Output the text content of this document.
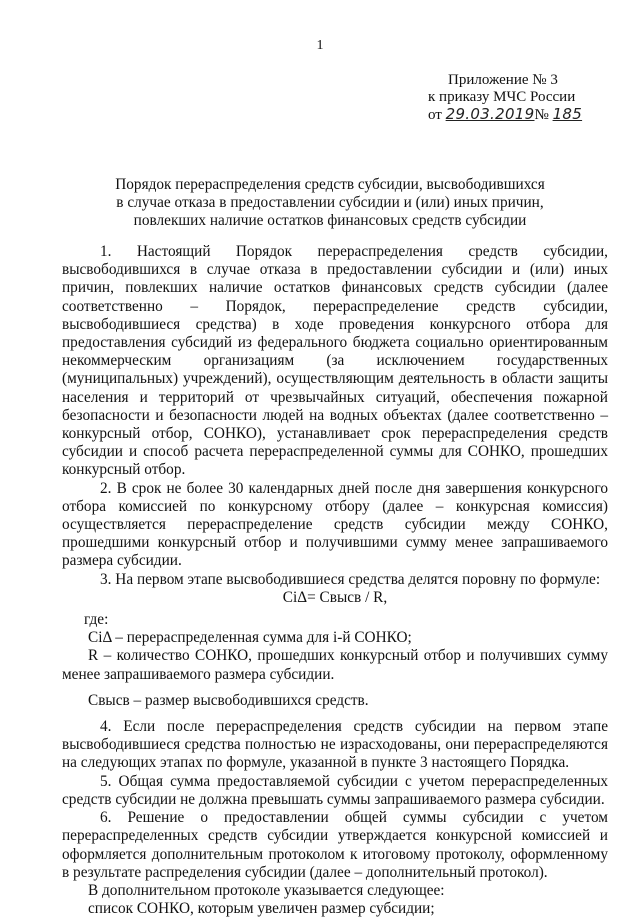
1
Приложение № 3
к приказу МЧС России
от 29.03.2019№ 185
Порядок перераспределения средств субсидии, высвободившихся
в случае отказа в предоставлении субсидии и (или) иных причин,
повлекших наличие остатков финансовых средств субсидии

1. Настоящий Порядок перераспределения средств субсидии, высвободившихся в случае отказа в предоставлении субсидии и (или) иных причин, повлекших наличие остатков финансовых средств субсидии (далее соответственно – Порядок, перераспределение средств субсидии, высвободившиеся средства) в ходе проведения конкурсного отбора для предоставления субсидий из федерального бюджета социально ориентированным некоммерческим организациям (за исключением государственных (муниципальных) учреждений), осуществляющим деятельность в области защиты населения и территорий от чрезвычайных ситуаций, обеспечения пожарной безопасности и безопасности людей на водных объектах (далее соответственно – конкурсный отбор, СОНКО), устанавливает срок перераспределения средств субсидии и способ расчета перераспределенной суммы для СОНКО, прошедших конкурсный отбор.

2. В срок не более 30 календарных дней после дня завершения конкурсного отбора комиссией по конкурсному отбору (далее – конкурсная комиссия) осуществляется перераспределение средств субсидии между СОНКО, прошедшими конкурсный отбор и получившими сумму менее запрашиваемого размера субсидии.

3. На первом этапе высвободившиеся средства делятся поровну по формуле:

CiΔ= Свысв / R,

где:

CiΔ – перераспределенная сумма для i-й СОНКО;

R – количество СОНКО, прошедших конкурсный отбор и получивших сумму менее запрашиваемого размера субсидии.

Свысв – размер высвободившихся средств.

4. Если после перераспределения средств субсидии на первом этапе высвободившиеся средства полностью не израсходованы, они перераспределяются на следующих этапах по формуле, указанной в пункте 3 настоящего Порядка.

5. Общая сумма предоставляемой субсидии с учетом перераспределенных средств субсидии не должна превышать суммы запрашиваемого размера субсидии.

6. Решение о предоставлении общей суммы субсидии с учетом перераспределенных средств субсидии утверждается конкурсной комиссией и оформляется дополнительным протоколом к итоговому протоколу, оформленному в результате распределения субсидии (далее – дополнительный протокол).

В дополнительном протоколе указывается следующее:

список СОНКО, которым увеличен размер субсидии;
